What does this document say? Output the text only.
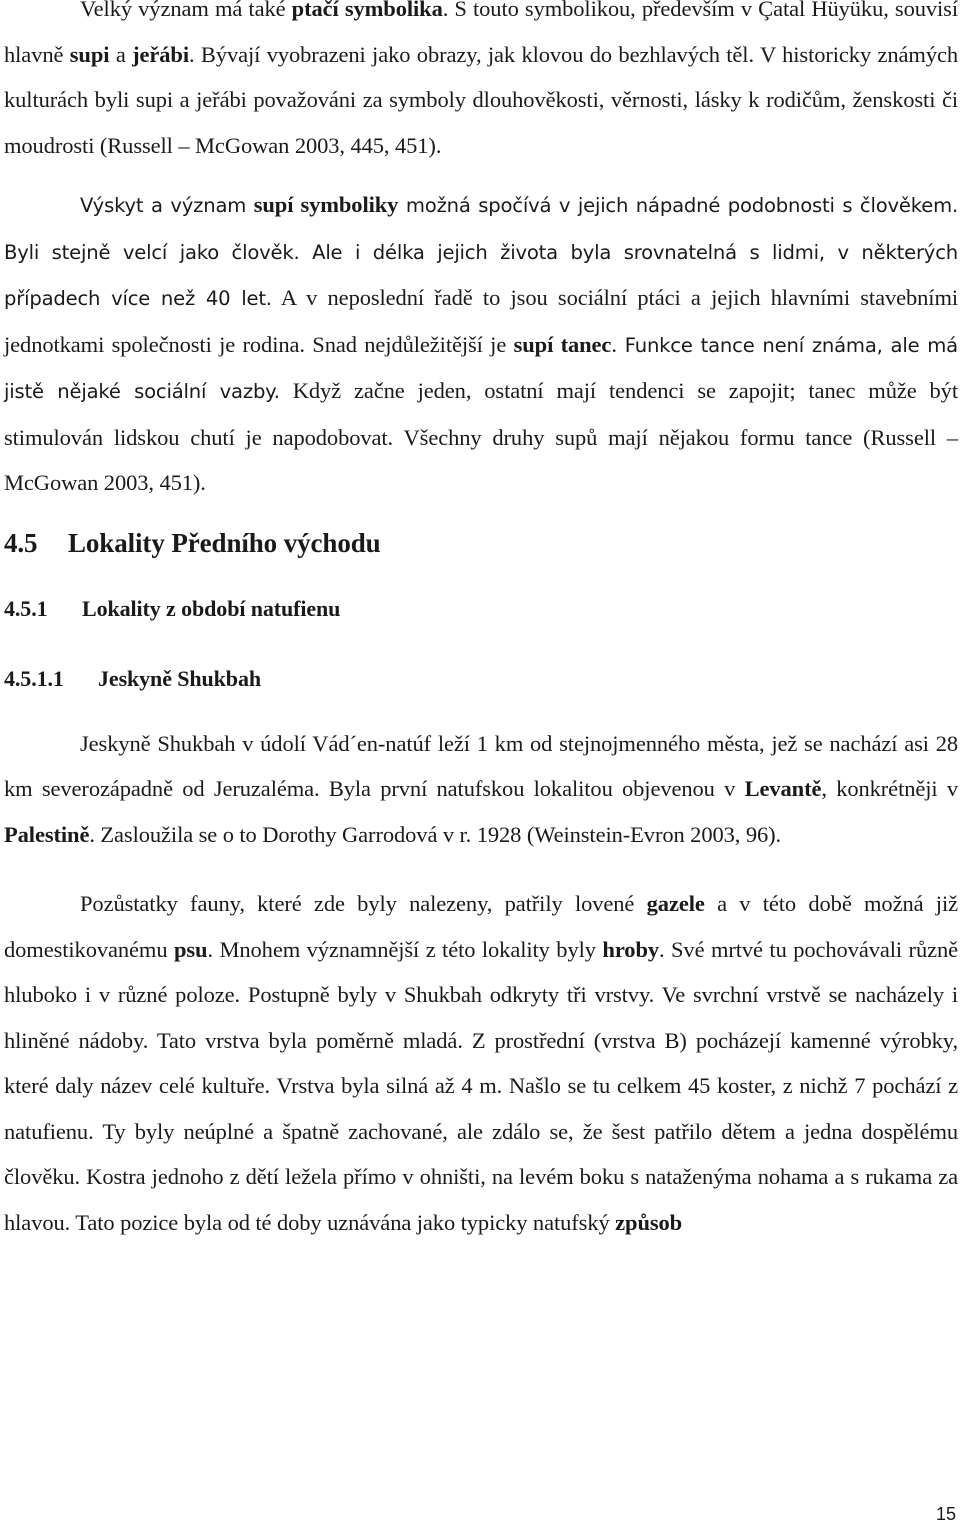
Velký význam má také ptačí symbolika. S touto symbolikou, především v Çatal Hüyüku, souvisí hlavně supi a jeřábi. Bývají vyobrazeni jako obrazy, jak klovou do bezhlavých těl. V historicky známých kulturách byli supi a jeřábi považováni za symboly dlouhověkosti, věrnosti, lásky k rodičům, ženskosti či moudrosti (Russell – McGowan 2003, 445, 451).

Výskyt a význam supí symboliky možná spočívá v jejich nápadné podobnosti s člověkem. Byli stejně velcí jako člověk. Ale i délka jejich života byla srovnatelná s lidmi, v některých případech více než 40 let. A v neposlední řadě to jsou sociální ptáci a jejich hlavními stavebními jednotkami společnosti je rodina. Snad nejdůležitější je supí tanec. Funkce tance není známa, ale má jistě nějaké sociální vazby. Když začne jeden, ostatní mají tendenci se zapojit; tanec může být stimulován lidskou chutí je napodobovat. Všechny druhy supů mají nějakou formu tance (Russell – McGowan 2003, 451).

4.5 Lokality Předního východu
4.5.1 Lokality z období natufienu
4.5.1.1 Jeskyně Shukbah

Jeskyně Shukbah v údolí Vád´en-natúf leží 1 km od stejnojmenného města, jež se nachází asi 28 km severozápadně od Jeruzaléma. Byla první natufskou lokalitou objevenou v Levantě, konkrétněji v Palestině. Zasloužila se o to Dorothy Garrodová v r. 1928 (Weinstein-Evron 2003, 96).

Pozůstatky fauny, které zde byly nalezeny, patřily lovené gazele a v této době možná již domestikovanému psu. Mnohem významnější z této lokality byly hroby. Své mrtvé tu pochovávali různě hluboko i v různé poloze. Postupně byly v Shukbah odkryty tři vrstvy. Ve svrchní vrstvě se nacházely i hliněné nádoby. Tato vrstva byla poměrně mladá. Z prostřední (vrstva B) pocházejí kamenné výrobky, které daly název celé kultuře. Vrstva byla silná až 4 m. Našlo se tu celkem 45 koster, z nichž 7 pochází z natufienu. Ty byly neúplné a špatně zachované, ale zdálo se, že šest patřilo dětem a jedna dospělému člověku. Kostra jednoho z dětí ležela přímo v ohništi, na levém boku s nataženýma nohama a s rukama za hlavou. Tato pozice byla od té doby uznávána jako typicky natufský způsob

15
